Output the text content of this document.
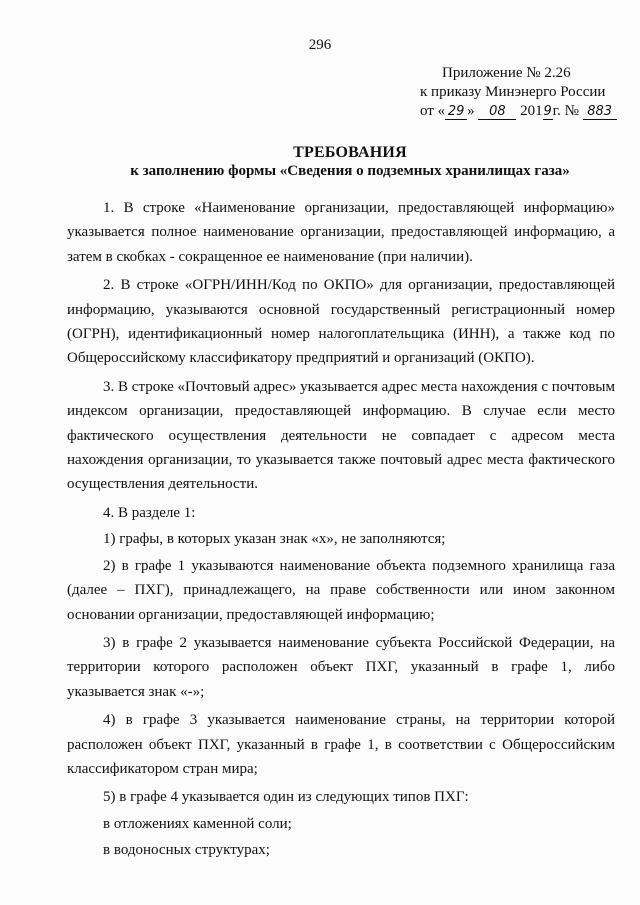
296
Приложение № 2.26
к приказу Минэнерго России
от « 29 »
	08
201 9 г. №
883
ТРЕБОВАНИЯ
к заполнению формы «Сведения о подземных хранилищах газа»

1. В строке «Наименование организации, предоставляющей информацию» указывается полное наименование организации, предоставляющей информацию, а затем в скобках - сокращенное ее наименование (при наличии).

2. В строке «ОГРН/ИНН/Код по ОКПО» для организации, предоставляющей информацию, указываются основной государственный регистрационный номер (ОГРН), идентификационный номер налогоплательщика (ИНН), а также код по Общероссийскому классификатору предприятий и организаций (ОКПО).

3. В строке «Почтовый адрес» указывается адрес места нахождения с почтовым индексом организации, предоставляющей информацию. В случае если место фактического осуществления деятельности не совпадает с адресом места нахождения организации, то указывается также почтовый адрес места фактического осуществления деятельности.

4. В разделе 1:

1) графы, в которых указан знак «х», не заполняются;

2) в графе 1 указываются наименование объекта подземного хранилища газа (далее – ПХГ), принадлежащего, на праве собственности или ином законном основании организации, предоставляющей информацию;

3) в графе 2 указывается наименование субъекта Российской Федерации, на территории которого расположен объект ПХГ, указанный в графе 1, либо указывается знак «-»;

4) в графе 3 указывается наименование страны, на территории которой расположен объект ПХГ, указанный в графе 1, в соответствии с Общероссийским классификатором стран мира;

5) в графе 4 указывается один из следующих типов ПХГ:

в отложениях каменной соли;

в водоносных структурах;
